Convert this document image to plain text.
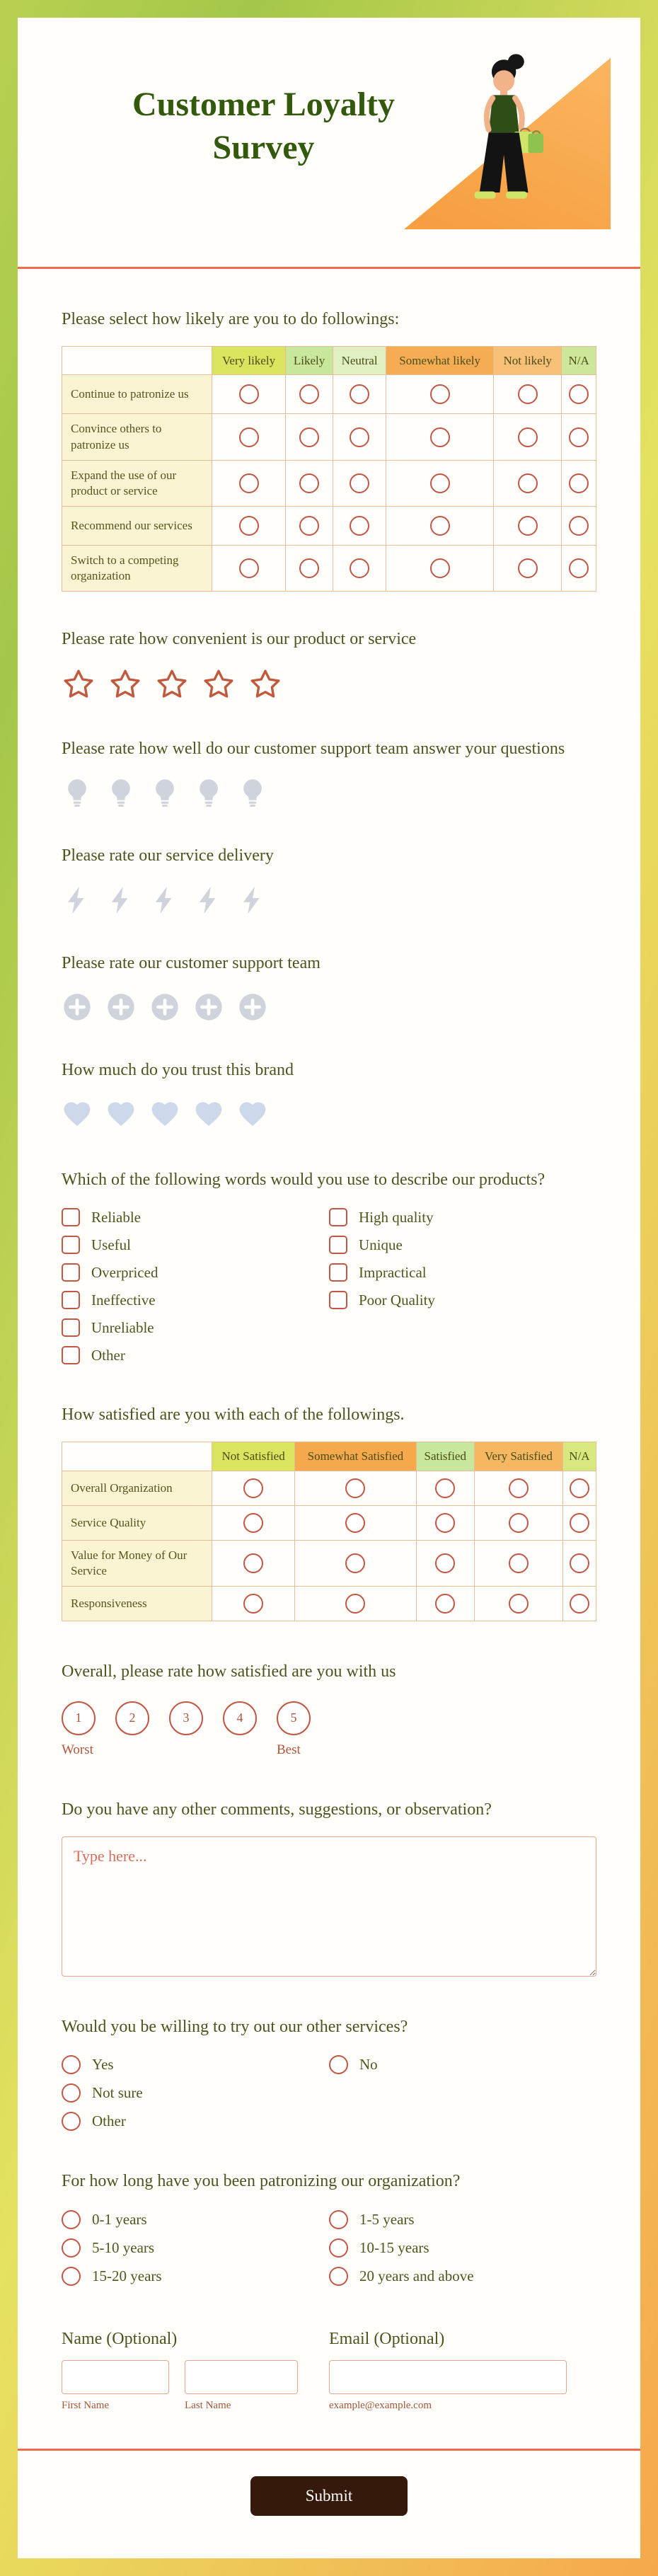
Customer Loyalty Survey
Please select how likely are you to do followings:
	Very likely	Likely	Neutral	Somewhat likely	Not likely	N/A
Continue to patronize us						
Convince others to patronize us						
Expand the use of our product or service						
Recommend our services						
Switch to a competing organization						
Please rate how convenient is our product or service
Please rate how well do our customer support team answer your questions
Please rate our service delivery
Please rate our customer support team
How much do you trust this brand
Which of the following words would you use to describe our products?
Reliable
Useful
Overpriced
Ineffective
Unreliable
Other
High quality
Unique
Impractical
Poor Quality
How satisfied are you with each of the followings.
	Not Satisfied	Somewhat Satisfied	Satisfied	Very Satisfied	N/A
Overall Organization					
Service Quality					
Value for Money of Our Service					
Responsiveness					
Overall, please rate how satisfied are you with us
1	2	3	4	5
Worst	Best
Do you have any other comments, suggestions, or observation?
Type here...
Would you be willing to try out our other services?
Yes
Not sure
Other
No
For how long have you been patronizing our organization?
0-1 years
5-10 years
15-20 years
1-5 years
10-15 years
20 years and above
Name (Optional)
First Name	Last Name
Email (Optional)
example@example.com
Submit
